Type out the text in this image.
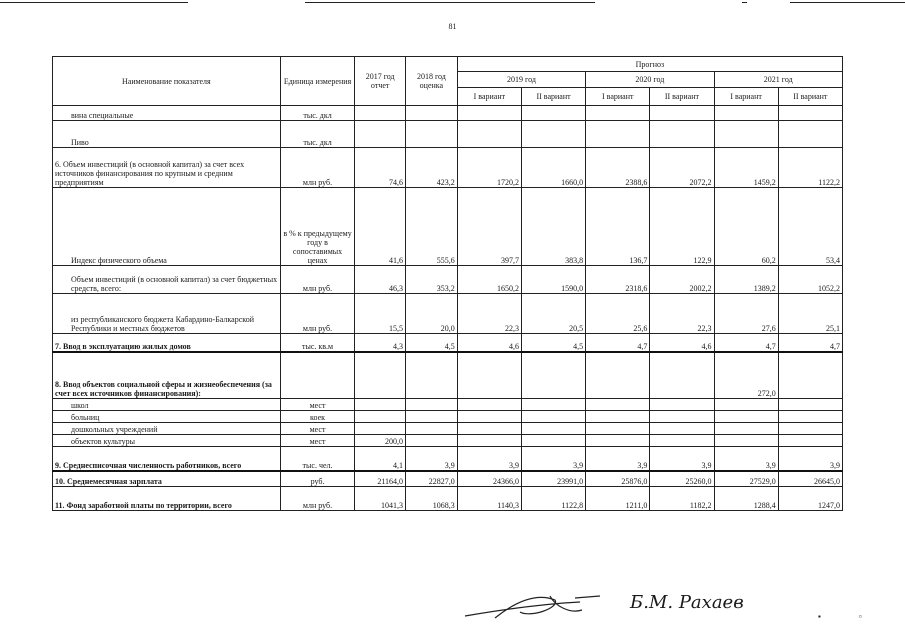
81
Наименование показателя	Единица измерения	2017 год отчет	2018 год оценка	Прогноз					
				2019 год		2020 год		2021 год	
				I вариант	II вариант	I вариант	II вариант	I вариант	II вариант
вина специальные	тыс. дкл								
Пиво	тыс. дкл								
6. Объем инвестиций (в основной капитал) за счет всех источников финансирования по крупным и средним предприятиям	млн руб.	74,6	423,2	1720,2	1660,0	2388,6	2072,2	1459,2	1122,2
Индекс физического объема	в % к предыдущему году в сопоставимых ценах	41,6	555,6	397,7	383,8	136,7	122,9	60,2	53,4
Объем инвестиций (в основной капитал) за счет бюджетных средств, всего:	млн руб.	46,3	353,2	1650,2	1590,0	2318,6	2002,2	1389,2	1052,2
из республиканского бюджета Кабардино-Балкарской Республики и местных бюджетов	млн руб.	15,5	20,0	22,3	20,5	25,6	22,3	27,6	25,1
7. Ввод в эксплуатацию жилых домов	тыс. кв.м	4,3	4,5	4,6	4,5	4,7	4,6	4,7	4,7
8. Ввод объектов социальной сферы и жизнеобеспечения (за счет всех источников финансирования):								272,0	
школ	мест								
больниц	коек								
дошкольных учреждений	мест								
объектов культуры	мест	200,0							
9. Среднесписочная численность работников, всего	тыс. чел.	4,1	3,9	3,9	3,9	3,9	3,9	3,9	3,9
10. Среднемесячная зарплата	руб.	21164,0	22827,0	24366,0	23991,0	25876,0	25260,0	27529,0	26645,0
11. Фонд заработной платы по территории, всего	млн руб.	1041,3	1068,3	1140,3	1122,8	1211,0	1182,2	1288,4	1247,0
Б.М. Рахаев
▪ ▫
